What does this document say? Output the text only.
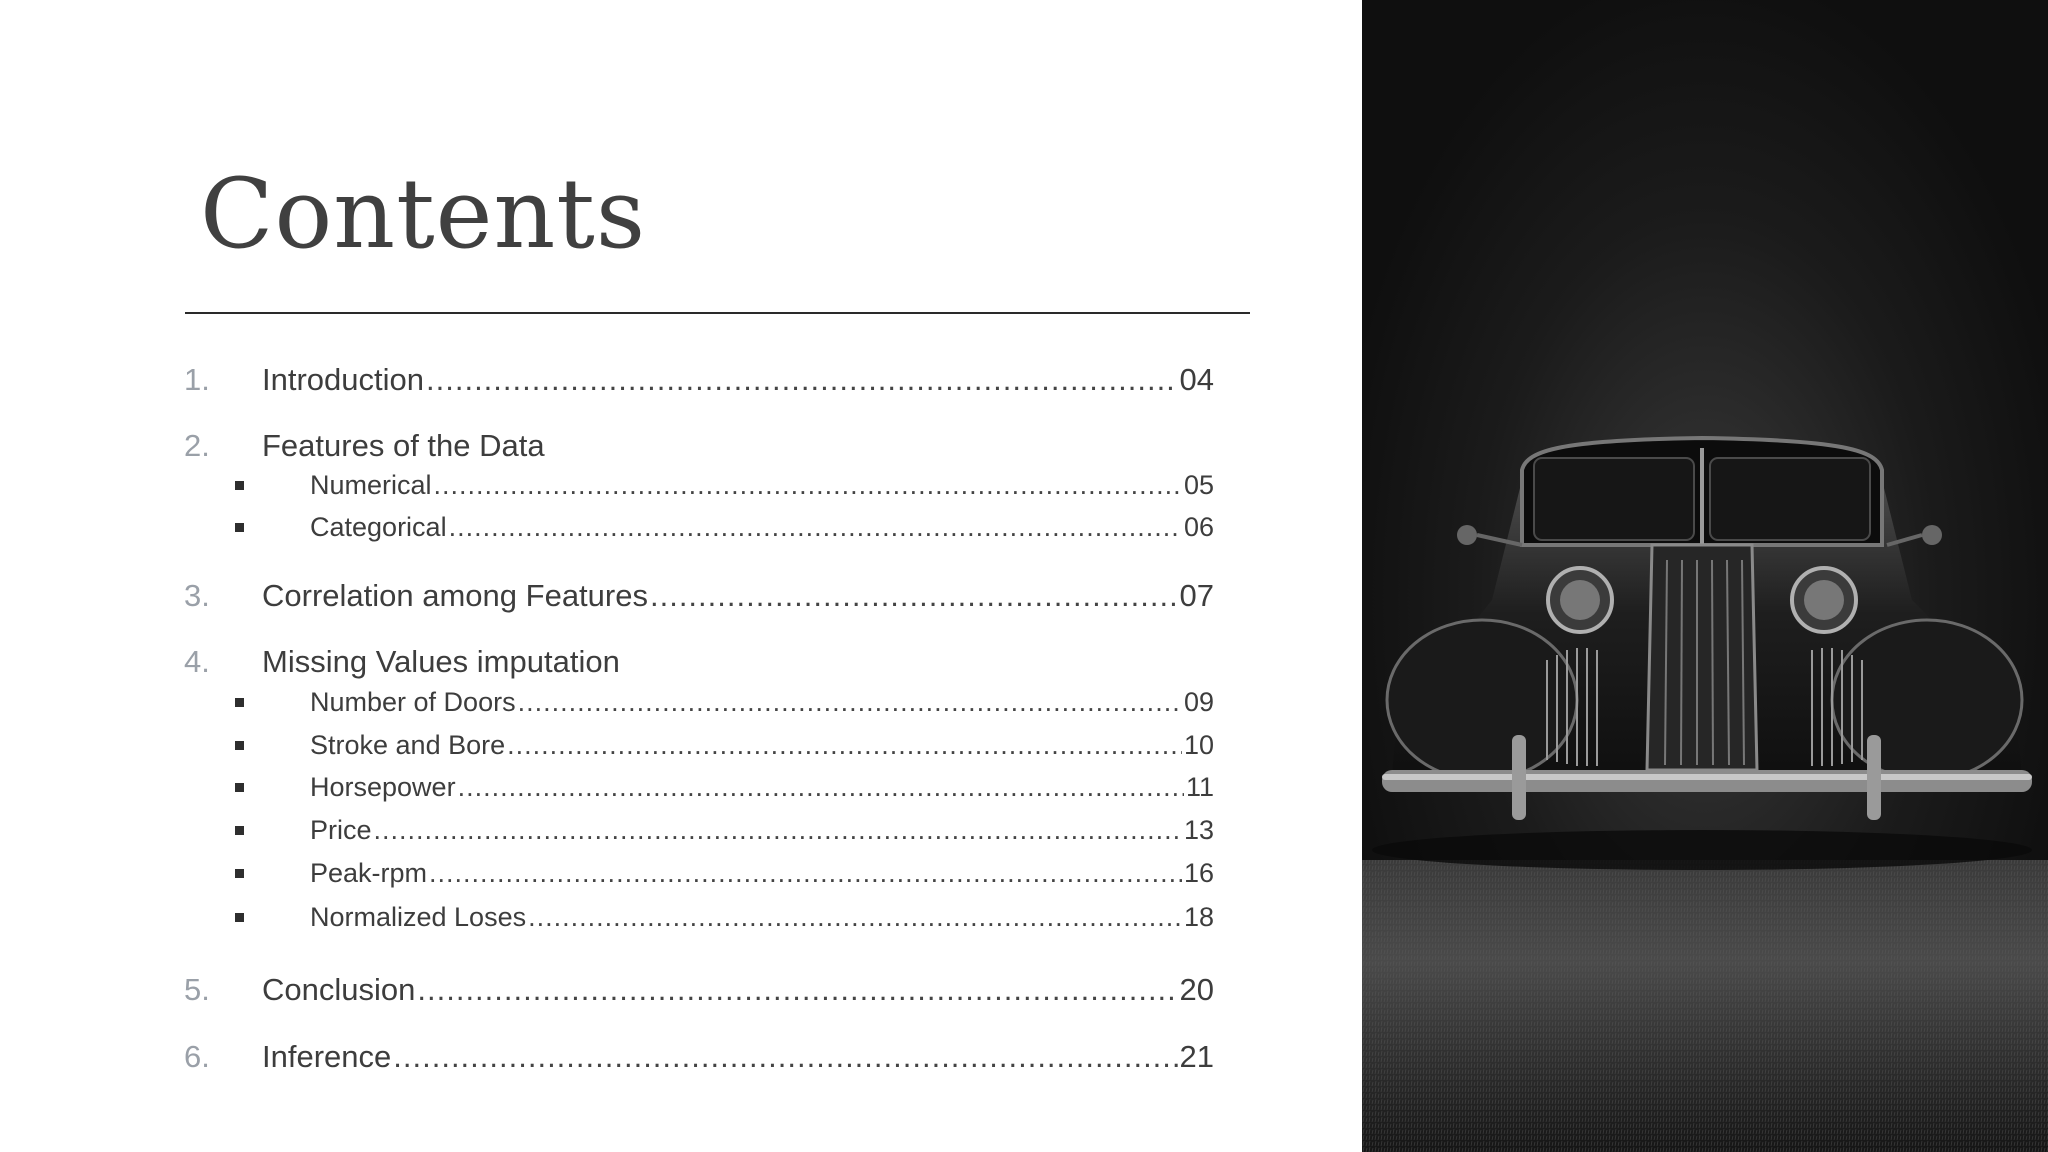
Contents
1. Introduction .....	04
2. Features of the Data
Numerical .....	05
Categorical .....	06
3. Correlation among Features .....	07
4. Missing Values imputation
Number of Doors .....	09
Stroke and Bore .....	10
Horsepower .....	11
Price .....	13
Peak-rpm .....	16
Normalized Loses .....	18
5. Conclusion .....	20
6. Inference .....	21
